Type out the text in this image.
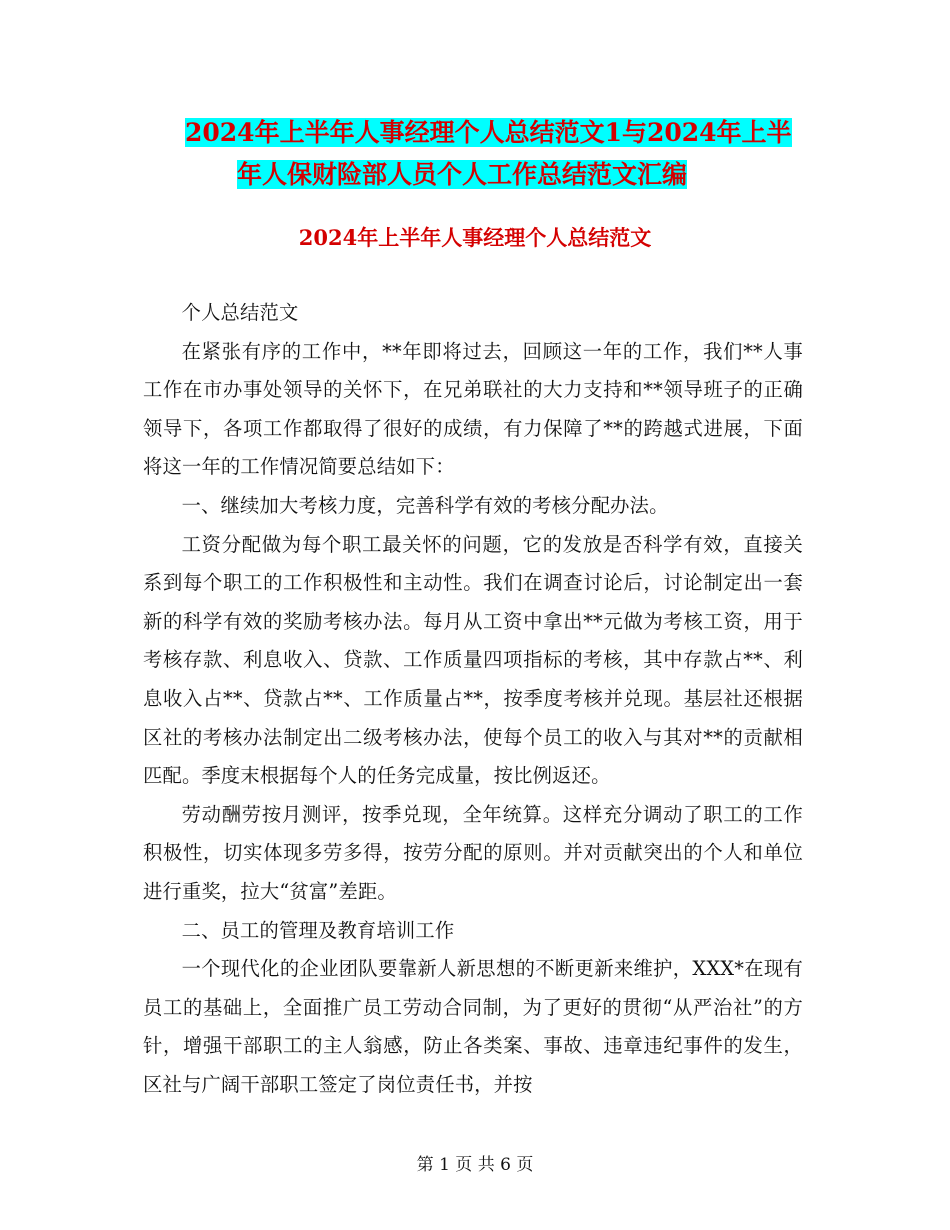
2024年上半年人事经理个人总结范文1与2024年上半
年人保财险部人员个人工作总结范文汇编
2024年上半年人事经理个人总结范文

个人总结范文

在紧张有序的工作中，**年即将过去，回顾这一年的工作，我们**人事工作在市办事处领导的关怀下，在兄弟联社的大力支持和**领导班子的正确领导下，各项工作都取得了很好的成绩，有力保障了**的跨越式进展，下面将这一年的工作情况简要总结如下：

一、继续加大考核力度，完善科学有效的考核分配办法。

工资分配做为每个职工最关怀的问题，它的发放是否科学有效，直接关系到每个职工的工作积极性和主动性。我们在调查讨论后，讨论制定出一套新的科学有效的奖励考核办法。每月从工资中拿出**元做为考核工资，用于考核存款、利息收入、贷款、工作质量四项指标的考核，其中存款占**、利息收入占**、贷款占**、工作质量占**，按季度考核并兑现。基层社还根据区社的考核办法制定出二级考核办法，使每个员工的收入与其对**的贡献相匹配。季度末根据每个人的任务完成量，按比例返还。

劳动酬劳按月测评，按季兑现，全年统算。这样充分调动了职工的工作积极性，切实体现多劳多得，按劳分配的原则。并对贡献突出的个人和单位进行重奖，拉大“贫富”差距。

二、员工的管理及教育培训工作

一个现代化的企业团队要靠新人新思想的不断更新来维护，XXX*在现有员工的基础上，全面推广员工劳动合同制，为了更好的贯彻“从严治社”的方针，增强干部职工的主人翁感，防止各类案、事故、违章违纪事件的发生，区社与广阔干部职工签定了岗位责任书，并按

第 1 页 共 6 页
